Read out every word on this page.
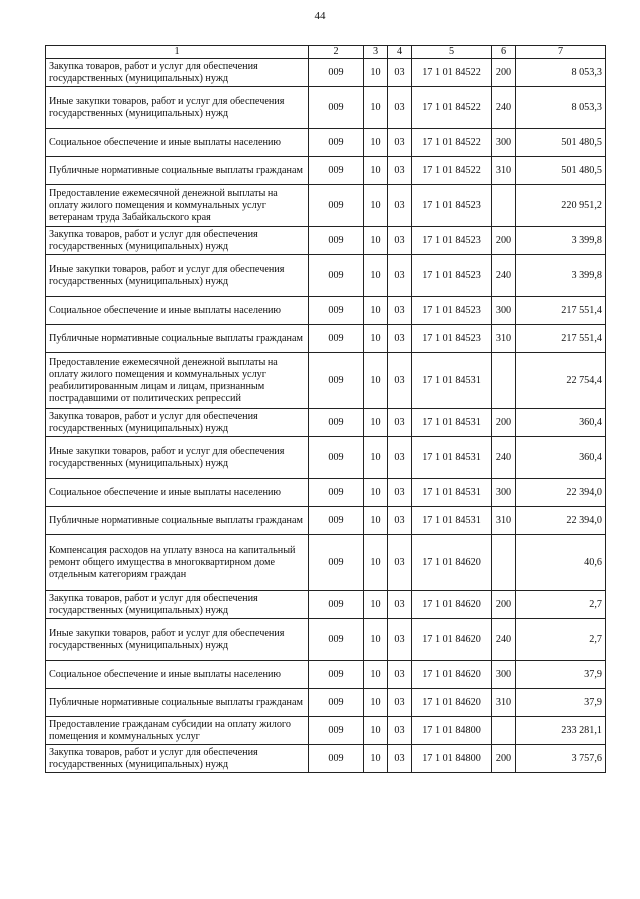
44
1	2	3	4	5	6	7
Закупка товаров, работ и услуг для обеспечения государственных (муниципальных) нужд	009	10	03	17 1 01 84522	200	8 053,3
Иные закупки товаров, работ и услуг для обеспечения государственных (муниципальных) нужд	009	10	03	17 1 01 84522	240	8 053,3
Социальное обеспечение и иные выплаты населению	009	10	03	17 1 01 84522	300	501 480,5
Публичные нормативные социальные выплаты гражданам	009	10	03	17 1 01 84522	310	501 480,5
Предоставление ежемесячной денежной выплаты на оплату жилого помещения и коммунальных услуг ветеранам труда Забайкальского края	009	10	03	17 1 01 84523		220 951,2
Закупка товаров, работ и услуг для обеспечения государственных (муниципальных) нужд	009	10	03	17 1 01 84523	200	3 399,8
Иные закупки товаров, работ и услуг для обеспечения государственных (муниципальных) нужд	009	10	03	17 1 01 84523	240	3 399,8
Социальное обеспечение и иные выплаты населению	009	10	03	17 1 01 84523	300	217 551,4
Публичные нормативные социальные выплаты гражданам	009	10	03	17 1 01 84523	310	217 551,4
Предоставление ежемесячной денежной выплаты на оплату жилого помещения и коммунальных услуг реабилитированным лицам и лицам, признанным пострадавшими от политических репрессий	009	10	03	17 1 01 84531		22 754,4
Закупка товаров, работ и услуг для обеспечения государственных (муниципальных) нужд	009	10	03	17 1 01 84531	200	360,4
Иные закупки товаров, работ и услуг для обеспечения государственных (муниципальных) нужд	009	10	03	17 1 01 84531	240	360,4
Социальное обеспечение и иные выплаты населению	009	10	03	17 1 01 84531	300	22 394,0
Публичные нормативные социальные выплаты гражданам	009	10	03	17 1 01 84531	310	22 394,0
Компенсация расходов на уплату взноса на капитальный ремонт общего имущества в многоквартирном доме отдельным категориям граждан	009	10	03	17 1 01 84620		40,6
Закупка товаров, работ и услуг для обеспечения государственных (муниципальных) нужд	009	10	03	17 1 01 84620	200	2,7
Иные закупки товаров, работ и услуг для обеспечения государственных (муниципальных) нужд	009	10	03	17 1 01 84620	240	2,7
Социальное обеспечение и иные выплаты населению	009	10	03	17 1 01 84620	300	37,9
Публичные нормативные социальные выплаты гражданам	009	10	03	17 1 01 84620	310	37,9
Предоставление гражданам субсидии на оплату жилого помещения и коммунальных услуг	009	10	03	17 1 01 84800		233 281,1
Закупка товаров, работ и услуг для обеспечения государственных (муниципальных) нужд	009	10	03	17 1 01 84800	200	3 757,6
